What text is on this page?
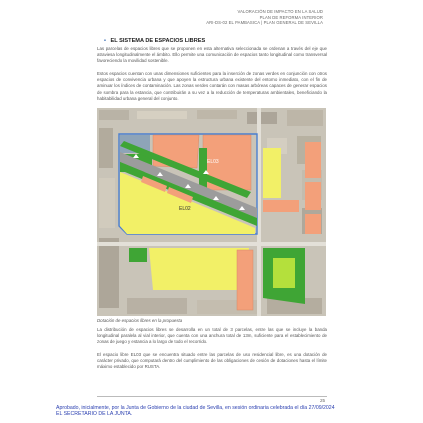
VALORACIÓN DE IMPACTO EN LA SALUD
PLAN DE REFORMA INTERIOR
ARI-DS-02 EL PAMBASICA | PLAN GENERAL DE SEVILLA
• EL SISTEMA DE ESPACIOS LIBRES
Las parcelas de espacios libres que se proponen en esta alternativa seleccionada se ordenan a través del eje que atraviesa longitudinalmente el ámbito. Ello permite una comunicación de espacios tanto longitudinal como transversal favoreciendo la movilidad sostenible.
Estos espacios cuentan con unas dimensiones suficientes para la inserción de zonas verdes en conjunción con otros espacios de convivencia urbana y que apoyen la estructura urbana existente del entorno inmediato, con el fin de aminuar los índices de contaminación. Las zonas verdes contarán con masas arbóreas capaces de generar espacios de sombra para la estancia, que contribuirán a su vez a la reducción de temperaturas ambientales, beneficiando la habitabilidad urbana general del conjunto.
EL03
EL02
Dotación de espacios libres en la propuesta
La distribución de espacios libres se desarrolla en un total de 3 parcelas, entre las que se incluye la banda longitudinal paralela al vial interior, que cuenta con una anchura total de 13m, suficiente para el establecimiento de zonas de juego y estancia a lo largo de todo el recorrido.
El espacio libre EL03 que se encuentra situado entre las parcelas de uso residencial libre, es una dotación de carácter privado, que computará dentro del cumplimiento de las obligaciones de cesión de dotaciones hasta el límite máximo establecido por RUSTA.
25
Aprobado, inicialmente, por la Junta de Gobierno de la ciudad de Sevilla, en sesión ordinaria celebrada el día 27/09/2024
EL SECRETARIO DE LA JUNTA.
